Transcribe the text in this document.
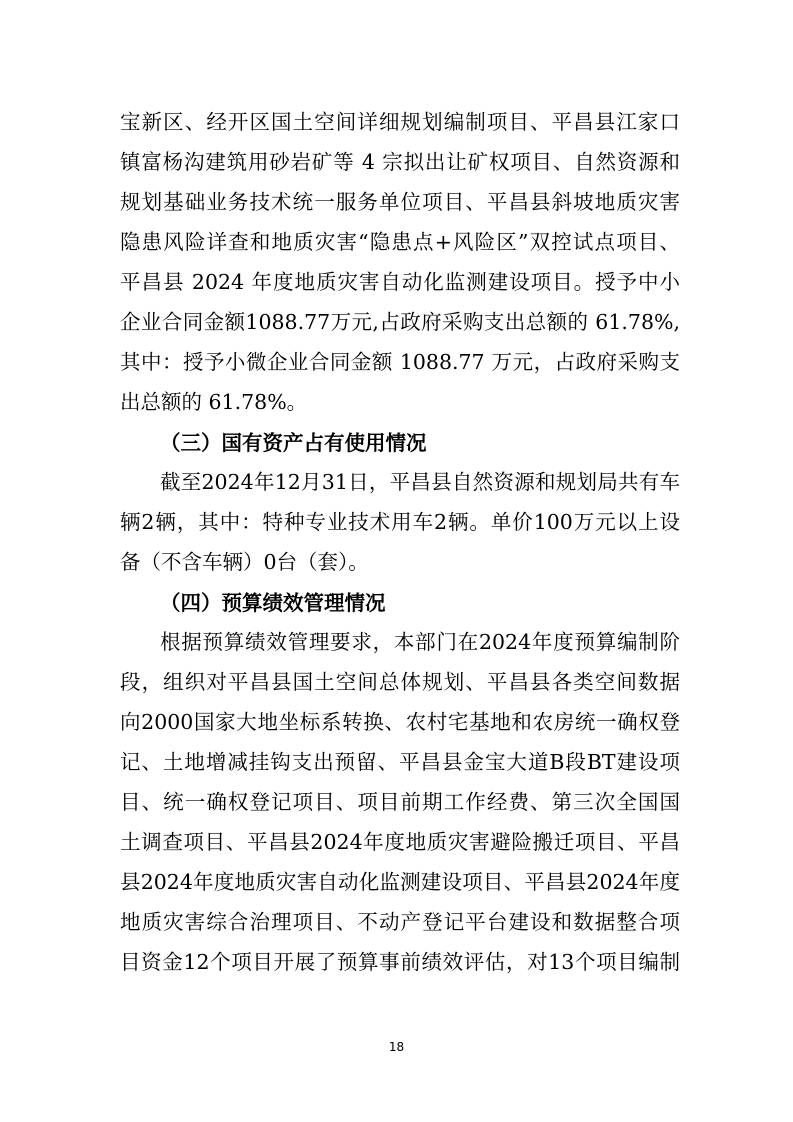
宝新区、经开区国土空间详细规划编制项目、平昌县江家口
镇富杨沟建筑用砂岩矿等 4 宗拟出让矿权项目、自然资源和
规划基础业务技术统一服务单位项目、平昌县斜坡地质灾害
隐患风险详查和地质灾害“隐患点+风险区”双控试点项目、
平昌县 2024 年度地质灾害自动化监测建设项目。授予中小
企业合同金额1088.77万元,占政府采购支出总额的 61.78%,
其中：授予小微企业合同金额 1088.77 万元，占政府采购支
出总额的 61.78%。
（三）国有资产占有使用情况
截至2024年12月31日，平昌县自然资源和规划局共有车
辆2辆，其中：特种专业技术用车2辆。单价100万元以上设
备（不含车辆）0台（套）。
（四）预算绩效管理情况
根据预算绩效管理要求，本部门在2024年度预算编制阶
段，组织对平昌县国土空间总体规划、平昌县各类空间数据
向2000国家大地坐标系转换、农村宅基地和农房统一确权登
记、土地增减挂钩支出预留、平昌县金宝大道B段BT建设项
目、统一确权登记项目、项目前期工作经费、第三次全国国
土调查项目、平昌县2024年度地质灾害避险搬迁项目、平昌
县2024年度地质灾害自动化监测建设项目、平昌县2024年度
地质灾害综合治理项目、不动产登记平台建设和数据整合项
目资金12个项目开展了预算事前绩效评估，对13个项目编制
18
